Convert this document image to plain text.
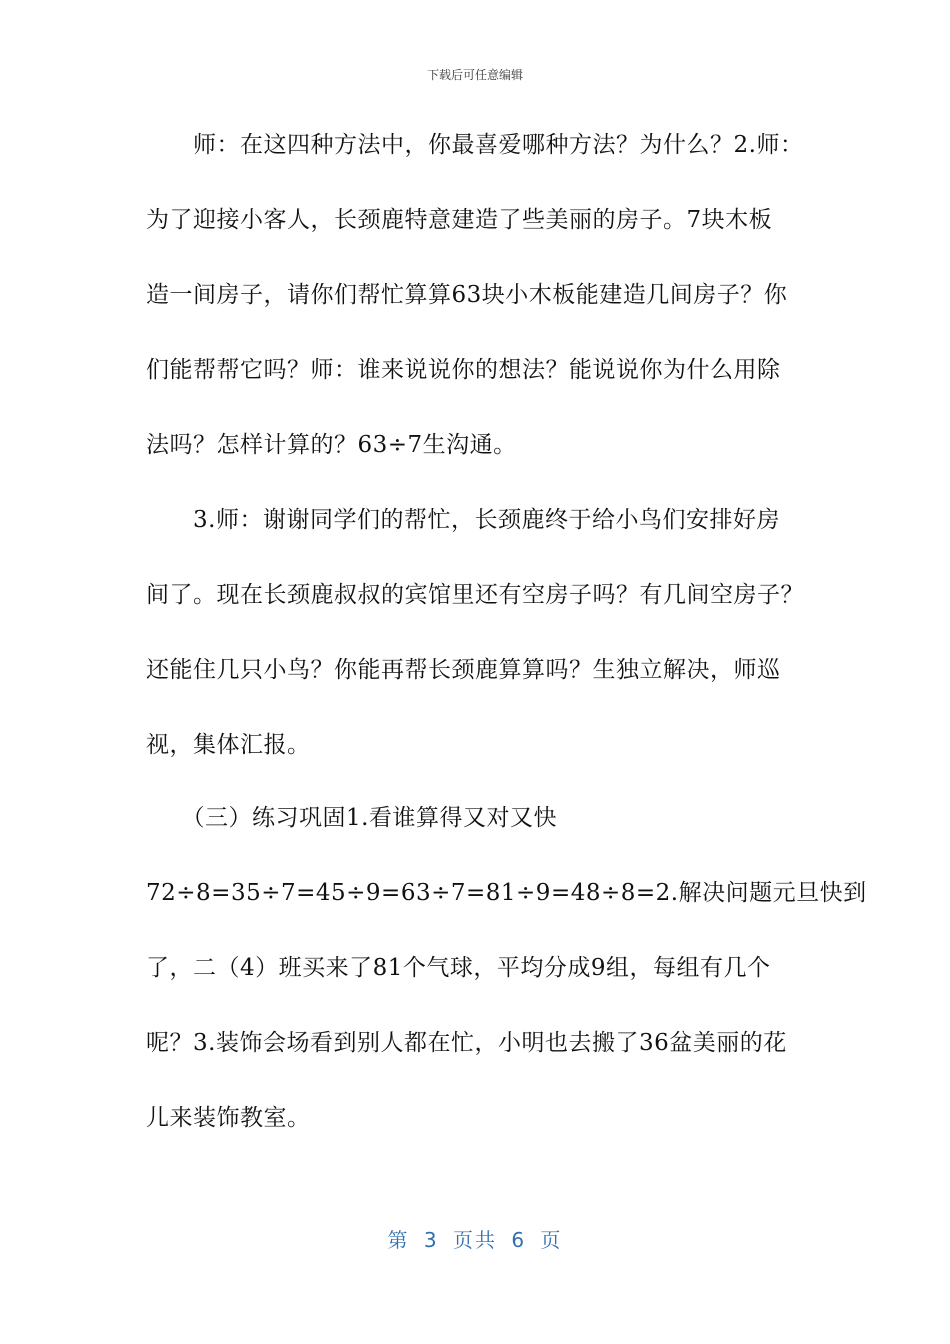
下载后可任意编辑
　　师：在这四种方法中，你最喜爱哪种方法？为什么？2.师：
为了迎接小客人，长颈鹿特意建造了些美丽的房子。7块木板
造一间房子，请你们帮忙算算63块小木板能建造几间房子？你
们能帮帮它吗？师：谁来说说你的想法？能说说你为什么用除
法吗？怎样计算的？63÷7生沟通。
　　3.师：谢谢同学们的帮忙，长颈鹿终于给小鸟们安排好房
间了。现在长颈鹿叔叔的宾馆里还有空房子吗？有几间空房子？
还能住几只小鸟？你能再帮长颈鹿算算吗？生独立解决，师巡
视，集体汇报。
　　（三）练习巩固1.看谁算得又对又快
72÷8=35÷7=45÷9=63÷7=81÷9=48÷8=2.解决问题元旦快到
了，二（4）班买来了81个气球，平均分成9组，每组有几个
呢？3.装饰会场看到别人都在忙，小明也去搬了36盆美丽的花
儿来装饰教室。
第 3 页共 6 页
